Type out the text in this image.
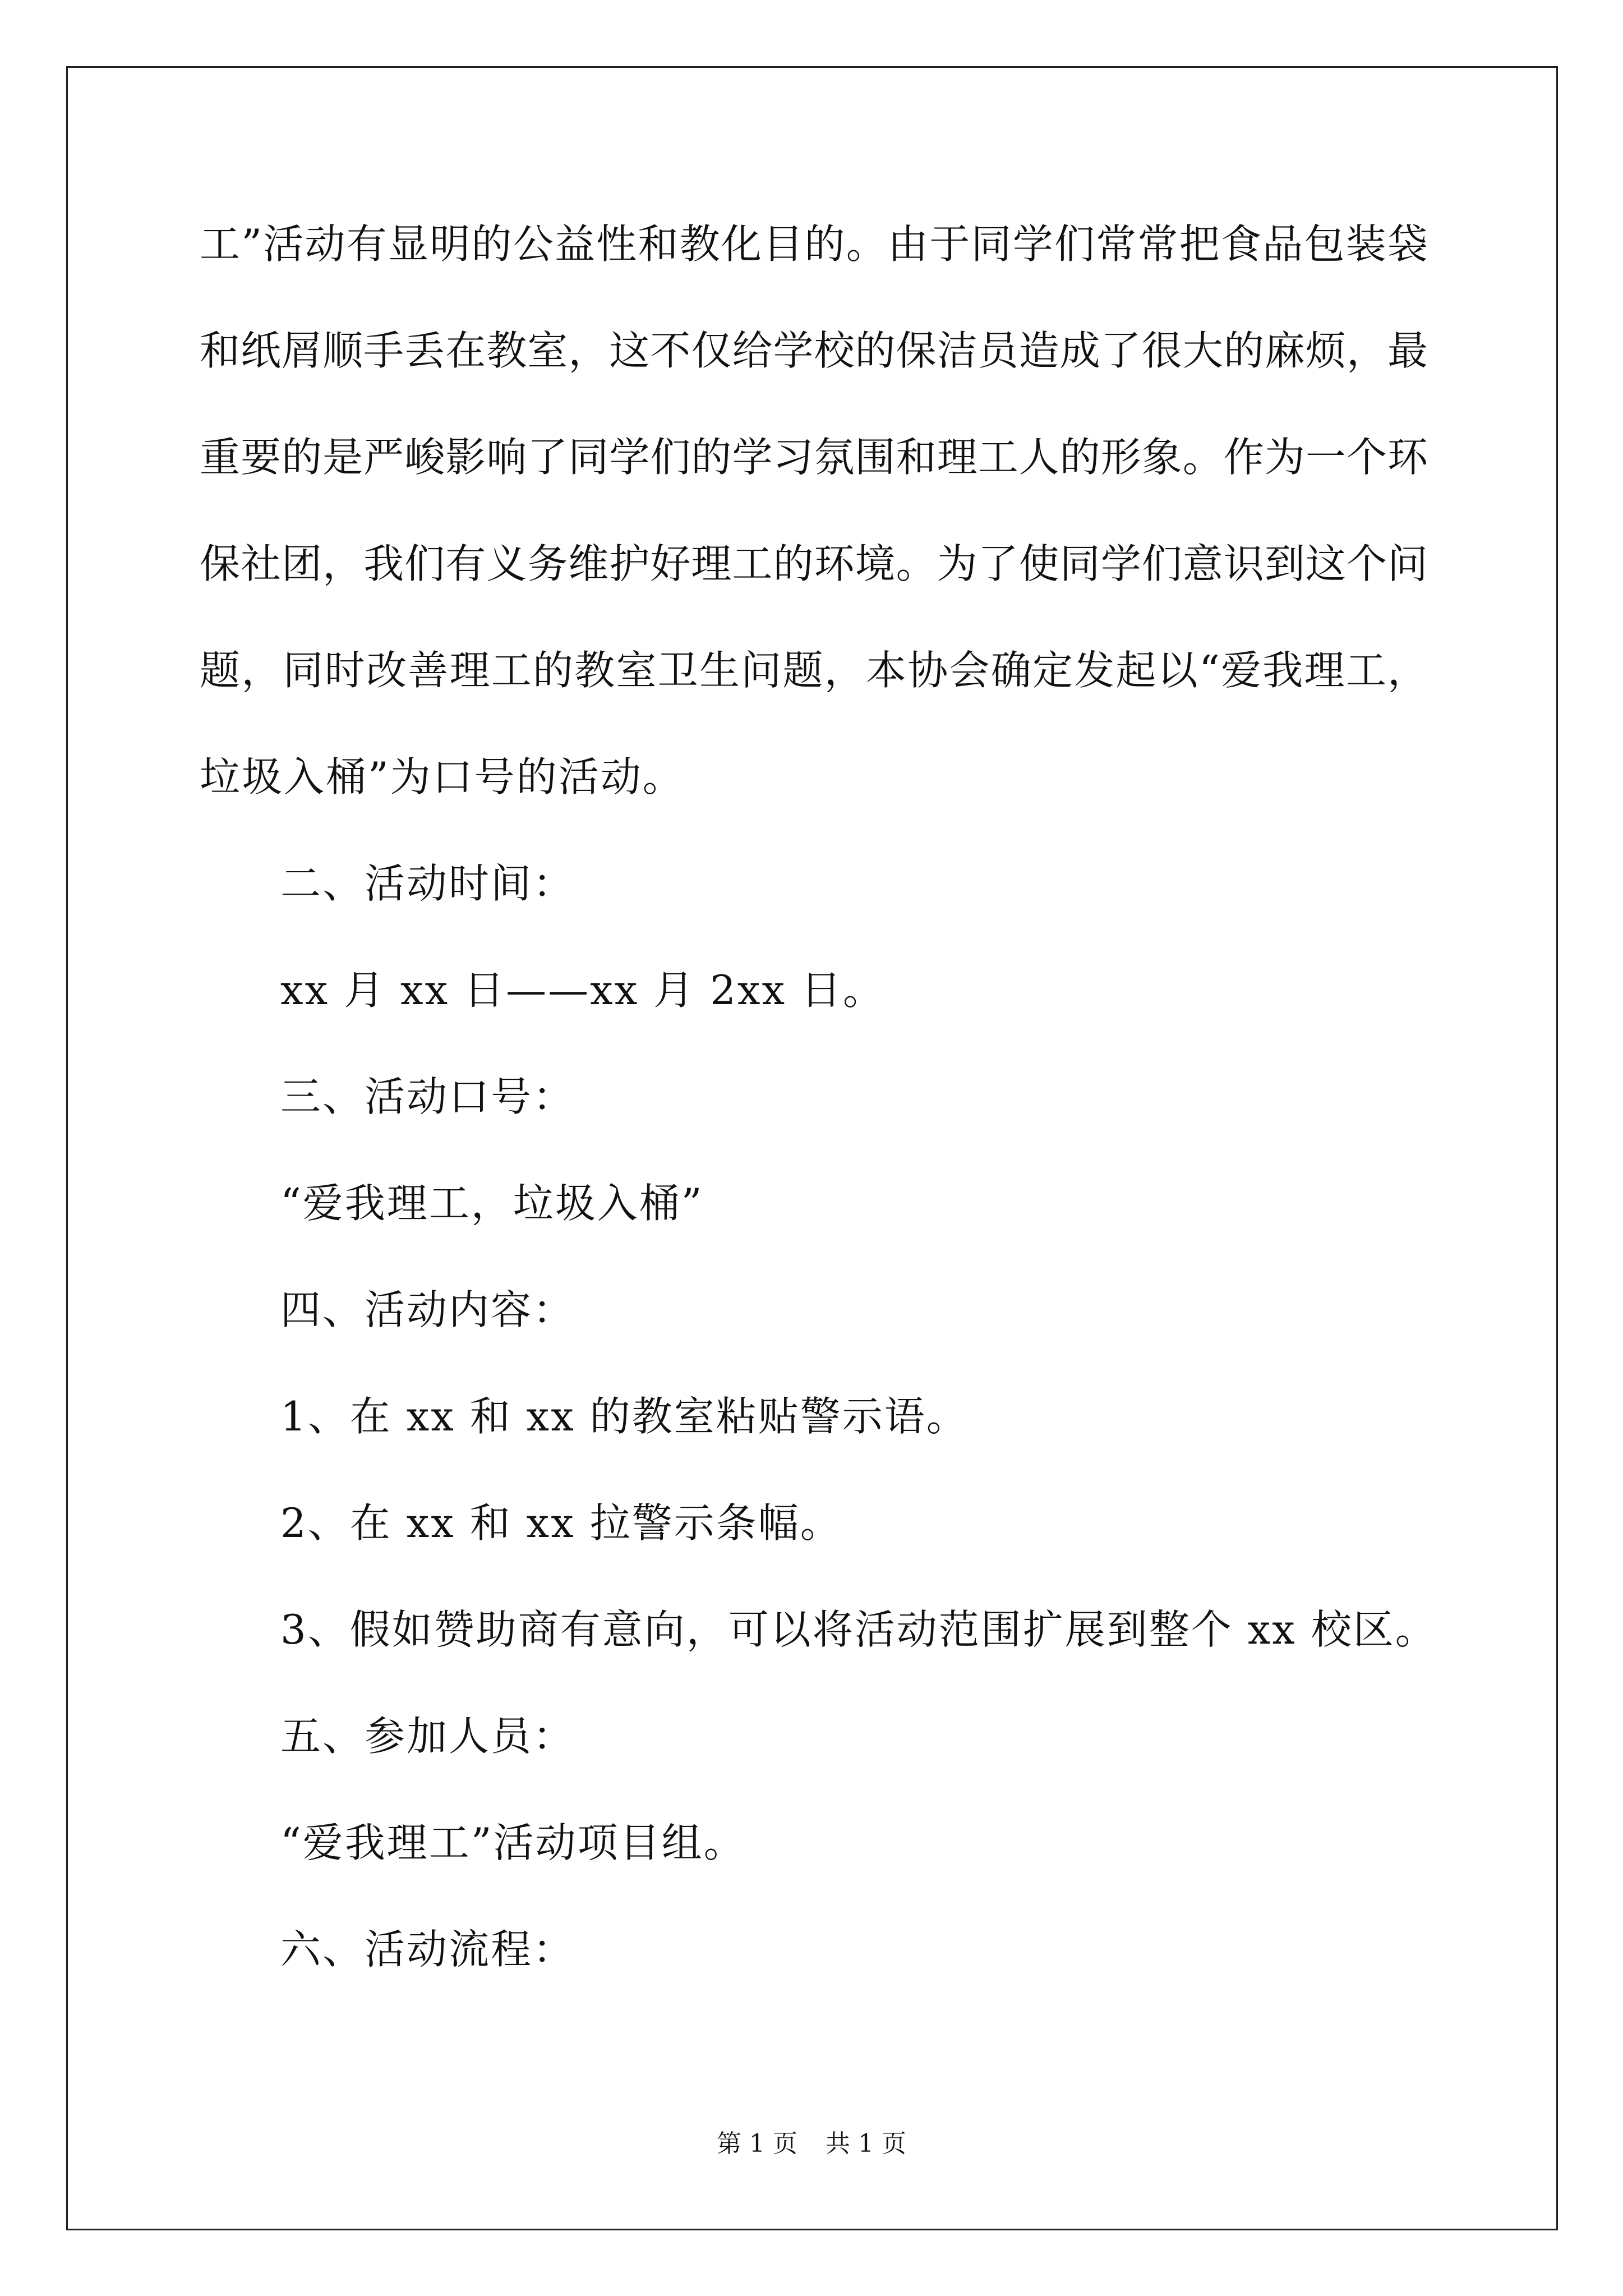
工”活动有显明的公益性和教化目的。由于同学们常常把食品包装袋
和纸屑顺手丢在教室，这不仅给学校的保洁员造成了很大的麻烦，最
重要的是严峻影响了同学们的学习氛围和理工人的形象。作为一个环
保社团，我们有义务维护好理工的环境。为了使同学们意识到这个问
题，同时改善理工的教室卫生问题，本协会确定发起以“爱我理工，
垃圾入桶”为口号的活动。
二、活动时间：
xx 月 xx 日——xx 月 2xx 日。
三、活动口号：
“爱我理工，垃圾入桶”
四、活动内容：
1、在 xx 和 xx 的教室粘贴警示语。
2、在 xx 和 xx 拉警示条幅。
3、假如赞助商有意向，可以将活动范围扩展到整个 xx 校区。
五、参加人员：
“爱我理工”活动项目组。
六、活动流程：
第 1 页 共 1 页
